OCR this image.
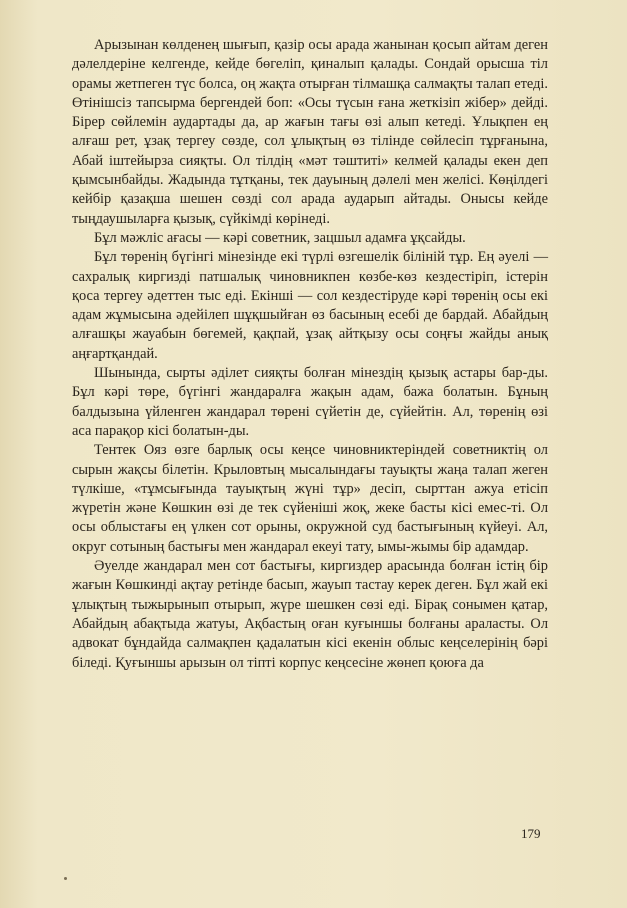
Арызынан көлденең шығып, қазір осы арада жанынан қосып айтам деген дәлелдеріне келгенде, кейде бөгеліп, қиналып қалады. Сондай орысша тіл орамы жетпеген түс болса, оң жақта отырған тілмашқа салмақты талап етеді. Өтінішсіз тапсырма бергендей боп: «Осы түсын ғана жеткізіп жібер» дейді. Бірер сөйлемін аудартады да, ар жағын тағы өзі алып кетеді. Ұлықпен ең алғаш рет, ұзақ тергеу сөзде, сол ұлықтың өз тілінде сөйлесіп тұрғанына, Абай іштейырза сияқты. Ол тілдің «мәт тәштиті» келмей қалады екен деп қымсынбайды. Жадында тұтқаны, тек дауының дәлелі мен желісі. Көңілдегі кейбір қазақша шешен сөзді сол арада аударып айтады. Онысы кейде тыңдаушыларға қызық, сүйкімді көрінеді.

Бұл мәжліс ағасы — кәрі советник, зацшыл адамға ұқсайды.

Бұл төренің бүгінгі мінезінде екі түрлі өзгешелік біліній тұр. Ең әуелі — сахралық киргизді патшалық чиновникпен көзбе-көз кездестіріп, істерін қоса тергеу әдеттен тыс еді. Екінші — сол кездестіруде кәрі төренің осы екі адам жұмысына әдейілеп шұқшыйған өз басының есебі де бардай. Абайдың алғашқы жауабын бөгемей, қақпай, ұзақ айтқызу осы соңғы жайды анық аңғартқандай.

Шынында, сырты әділет сияқты болған мінездің қызық астары бар-ды. Бұл кәрі төре, бүгінгі жандаралға жақын адам, бажа болатын. Бұның балдызына үйленген жандарал төрені сүйетін де, сүйейтін. Ал, төренің өзі аса парақор кісі болатын-ды.

Тентек Ояз өзге барлық осы кеңсе чиновниктеріндей советниктің ол сырын жақсы білетін. Крыловтың мысалындағы тауықты жаңа талап жеген түлкіше, «тұмсығында тауықтың жүні тұр» десіп, сырттан ажуа етісіп жүретін және Көшкин өзі де тек сүйеніші жоқ, жеке басты кісі емес-ті. Ол осы облыстағы ең үлкен сот орыны, окружной суд бастығының күйеуі. Ал, округ сотының бастығы мен жандарал екеуі тату, ымы-жымы бір адамдар.

Әуелде жандарал мен сот бастығы, киргиздер арасында болған істің бір жағын Көшкинді ақтау ретінде басып, жауып тастау керек деген. Бұл жай екі ұлықтың тыжырынып отырып, жүре шешкен сөзі еді. Бірақ сонымен қатар, Абайдың абақтыда жатуы, Ақбастың оған куғыншы болғаны араласты. Ол адвокат бұндайда салмақпен қадалатын кісі екенін облыс кеңселерінің бәрі біледі. Қуғыншы арызын ол тіпті корпус кеңсесіне жөнеп қоюға да

179
